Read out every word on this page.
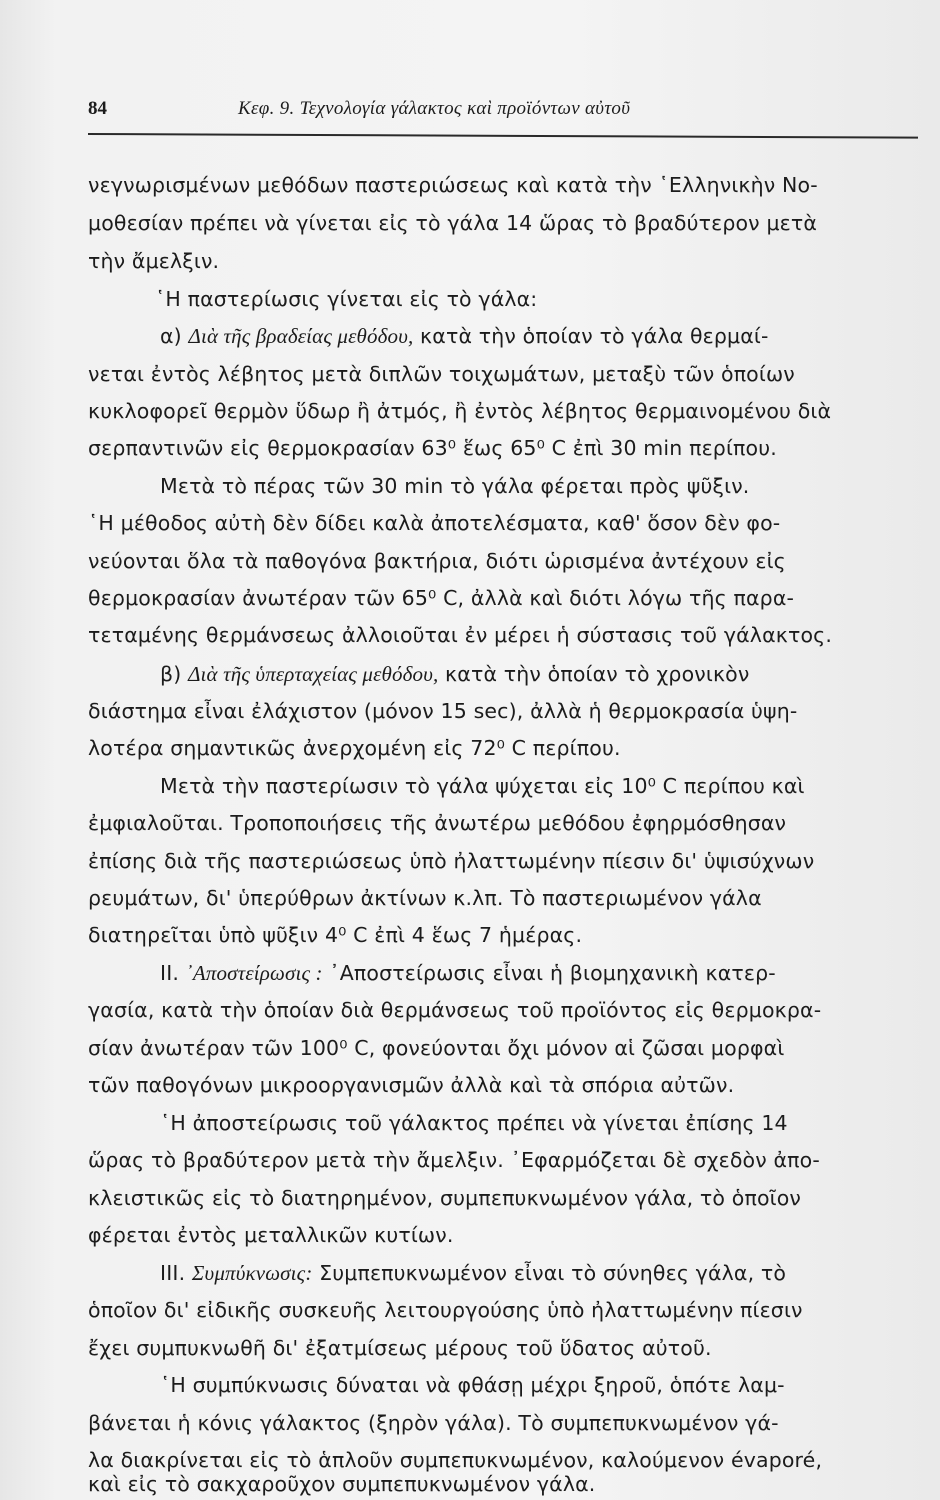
84	Κεφ. 9. Τεχνολογία γάλακτος καὶ προϊόντων αὐτοῦ
νεγνωρισμένων μεθόδων παστεριώσεως καὶ κατὰ τὴν ῾Ελληνικὴν Νο-
μοθεσίαν πρέπει νὰ γίνεται εἰς τὸ γάλα 14 ὥρας τὸ βραδύτερον μετὰ
τὴν ἄμελξιν.
῾Η παστερίωσις γίνεται εἰς τὸ γάλα:
α) Διὰ τῆς βραδείας μεθόδου, κατὰ τὴν ὁποίαν τὸ γάλα θερμαί-
νεται ἐντὸς λέβητος μετὰ διπλῶν τοιχωμάτων, μεταξὺ τῶν ὁποίων
κυκλοφορεῖ θερμὸν ὕδωρ ἢ ἀτμός, ἢ ἐντὸς λέβητος θερμαινομένου διὰ
σερπαντινῶν εἰς θερμοκρασίαν 63⁰ ἕως 65⁰ C ἐπὶ 30 min περίπου.
Μετὰ τὸ πέρας τῶν 30 min τὸ γάλα φέρεται πρὸς ψῦξιν.
῾Η μέθοδος αὐτὴ δὲν δίδει καλὰ ἀποτελέσματα, καθ' ὅσον δὲν φο-
νεύονται ὅλα τὰ παθογόνα βακτήρια, διότι ὡρισμένα ἀντέχουν εἰς
θερμοκρασίαν ἀνωτέραν τῶν 65⁰ C, ἀλλὰ καὶ διότι λόγω τῆς παρα-
τεταμένης θερμάνσεως ἀλλοιοῦται ἐν μέρει ἡ σύστασις τοῦ γάλακτος.
β) Διὰ τῆς ὑπερταχείας μεθόδου, κατὰ τὴν ὁποίαν τὸ χρονικὸν
διάστημα εἶναι ἐλάχιστον (μόνον 15 sec), ἀλλὰ ἡ θερμοκρασία ὑψη-
λοτέρα σημαντικῶς ἀνερχομένη εἰς 72⁰ C περίπου.
Μετὰ τὴν παστερίωσιν τὸ γάλα ψύχεται εἰς 10⁰ C περίπου καὶ
ἐμφιαλοῦται. Τροποποιήσεις τῆς ἀνωτέρω μεθόδου ἐφηρμόσθησαν
ἐπίσης διὰ τῆς παστεριώσεως ὑπὸ ἠλαττωμένην πίεσιν δι' ὑψισύχνων
ρευμάτων, δι' ὑπερύθρων ἀκτίνων κ.λπ. Τὸ παστεριωμένον γάλα
διατηρεῖται ὑπὸ ψῦξιν 4⁰ C ἐπὶ 4 ἕως 7 ἡμέρας.
II. ᾿Αποστείρωσις : ᾿Αποστείρωσις εἶναι ἡ βιομηχανικὴ κατερ-
γασία, κατὰ τὴν ὁποίαν διὰ θερμάνσεως τοῦ προϊόντος εἰς θερμοκρα-
σίαν ἀνωτέραν τῶν 100⁰ C, φονεύονται ὄχι μόνον αἱ ζῶσαι μορφαὶ
τῶν παθογόνων μικροοργανισμῶν ἀλλὰ καὶ τὰ σπόρια αὐτῶν.
῾Η ἀποστείρωσις τοῦ γάλακτος πρέπει νὰ γίνεται ἐπίσης 14
ὥρας τὸ βραδύτερον μετὰ τὴν ἄμελξιν. ᾿Εφαρμόζεται δὲ σχεδὸν ἀπο-
κλειστικῶς εἰς τὸ διατηρημένον, συμπεπυκνωμένον γάλα, τὸ ὁποῖον
φέρεται ἐντὸς μεταλλικῶν κυτίων.
III. Συμπύκνωσις: Συμπεπυκνωμένον εἶναι τὸ σύνηθες γάλα, τὸ
ὁποῖον δι' εἰδικῆς συσκευῆς λειτουργούσης ὑπὸ ἠλαττωμένην πίεσιν
ἔχει συμπυκνωθῆ δι' ἐξατμίσεως μέρους τοῦ ὕδατος αὐτοῦ.
῾Η συμπύκνωσις δύναται νὰ φθάσῃ μέχρι ξηροῦ, ὁπότε λαμ-
βάνεται ἡ κόνις γάλακτος (ξηρὸν γάλα). Τὸ συμπεπυκνωμένον γά-
λα διακρίνεται εἰς τὸ ἁπλοῦν συμπεπυκνωμένον, καλούμενον évaporé,
καὶ εἰς τὸ σακχαροῦχον συμπεπυκνωμένον γάλα.
